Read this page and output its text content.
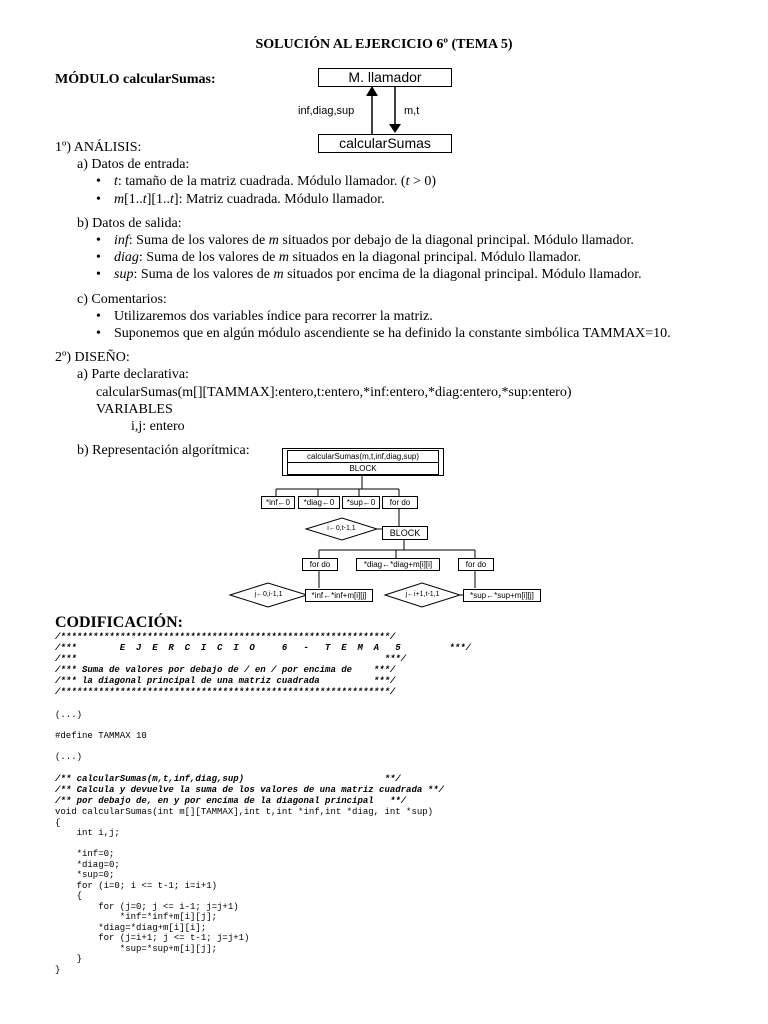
SOLUCIÓN AL EJERCICIO 6º (TEMA 5)
MÓDULO calcularSumas:	M. llamador
calcularSumas
inf,diag,sup	m,t
1º) ANÁLISIS:
a) Datos de entrada:
• t: tamaño de la matriz cuadrada. Módulo llamador. (t > 0)
• m[1..t][1..t]: Matriz cuadrada. Módulo llamador.
b) Datos de salida:
• inf: Suma de los valores de m situados por debajo de la diagonal principal. Módulo llamador.
• diag: Suma de los valores de m situados en la diagonal principal. Módulo llamador.
• sup: Suma de los valores de m situados por encima de la diagonal principal. Módulo llamador.
c) Comentarios:
• Utilizaremos dos variables índice para recorrer la matriz.
• Suponemos que en algún módulo ascendiente se ha definido la constante simbólica TAMMAX=10.
2º) DISEÑO:
a) Parte declarativa:
calcularSumas(m[][TAMMAX]:entero,t:entero,*inf:entero,*diag:entero,*sup:entero)
VARIABLES
i,j: entero
b) Representación algorítmica:	calcularSumas(m,t,inf,diag,sup)
BLOCK
*inf←0	*diag←0	*sup←0	for do
i←0,t-1,1	BLOCK
for do	*diag←*diag+m[i][i]	for do
j←0,i-1,1	*inf←*inf+m[i][j]	j←i+1,t-1,1	*sup←*sup+m[i][j]
CODIFICACIÓN:
/*************************************************************/
/***        E  J  E  R  C  I  C  I  O     6   -   T  E  M  A   5         ***/
/***                                                         ***/
/*** Suma de valores por debajo de / en / por encima de    ***/
/*** la diagonal principal de una matriz cuadrada          ***/
/*************************************************************/
(...)
#define TAMMAX 10
(...)
/** calcularSumas(m,t,inf,diag,sup)                          **/
/** Calcula y devuelve la suma de los valores de una matriz cuadrada **/
/** por debajo de, en y por encima de la diagonal principal   **/
void calcularSumas(int m[][TAMMAX],int t,int *inf,int *diag, int *sup)
{
int i,j;

*inf=0;
*diag=0;
*sup=0;
for (i=0; i <= t-1; i=i+1)
{
for (j=0; j <= i-1; j=j+1)
*inf=*inf+m[i][j];
*diag=*diag+m[i][i];
for (j=i+1; j <= t-1; j=j+1)
*sup=*sup+m[i][j];
}
}
